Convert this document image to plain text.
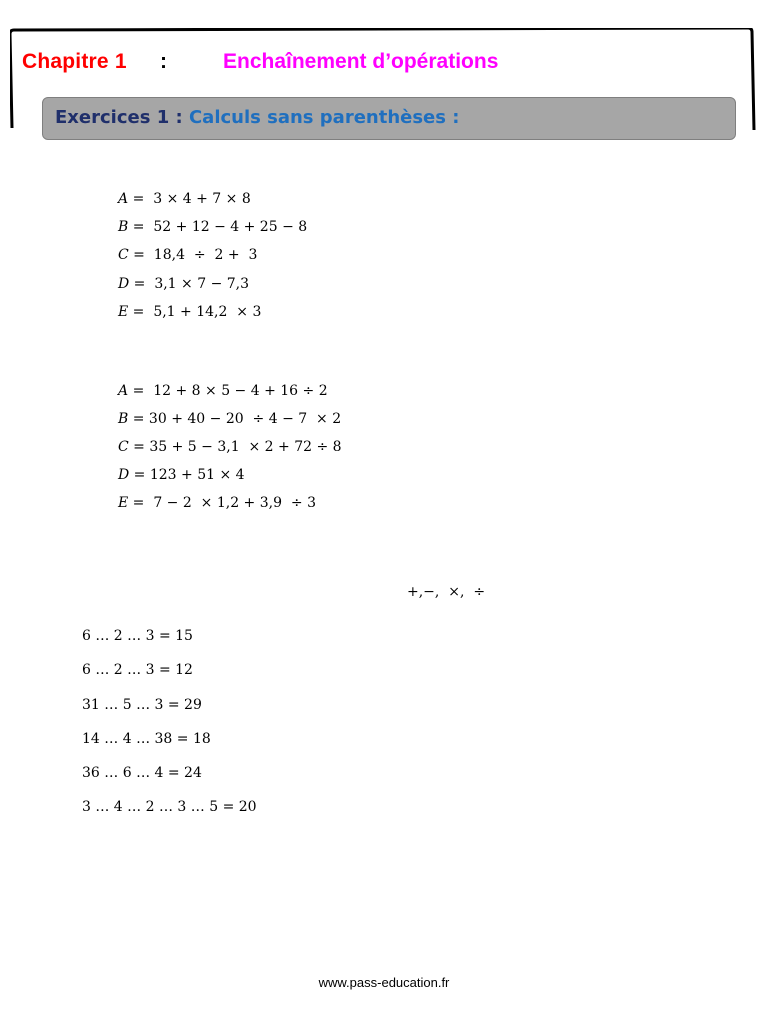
Chapitre 1 :	Enchaînement d’opérations
Exercices 1 : Calculs sans parenthèses :
A =  3 × 4 + 7 × 8
B =  52 + 12 − 4 + 25 − 8
C =  18,4  ÷  2 +  3
D =  3,1 × 7 − 7,3
E =  5,1 + 14,2  × 3
A =  12 + 8 × 5 − 4 + 16 ÷ 2
B = 30 + 40 − 20  ÷ 4 − 7  × 2
C = 35 + 5 − 3,1  × 2 + 72 ÷ 8
D = 123 + 51 × 4
E =  7 − 2  × 1,2 + 3,9  ÷ 3
+,−,  ×,  ÷
6 … 2 … 3 = 15
6 … 2 … 3 = 12
31 … 5 … 3 = 29
14 … 4 … 38 = 18
36 … 6 … 4 = 24
3 … 4 … 2 … 3 … 5 = 20
www.pass-education.fr
